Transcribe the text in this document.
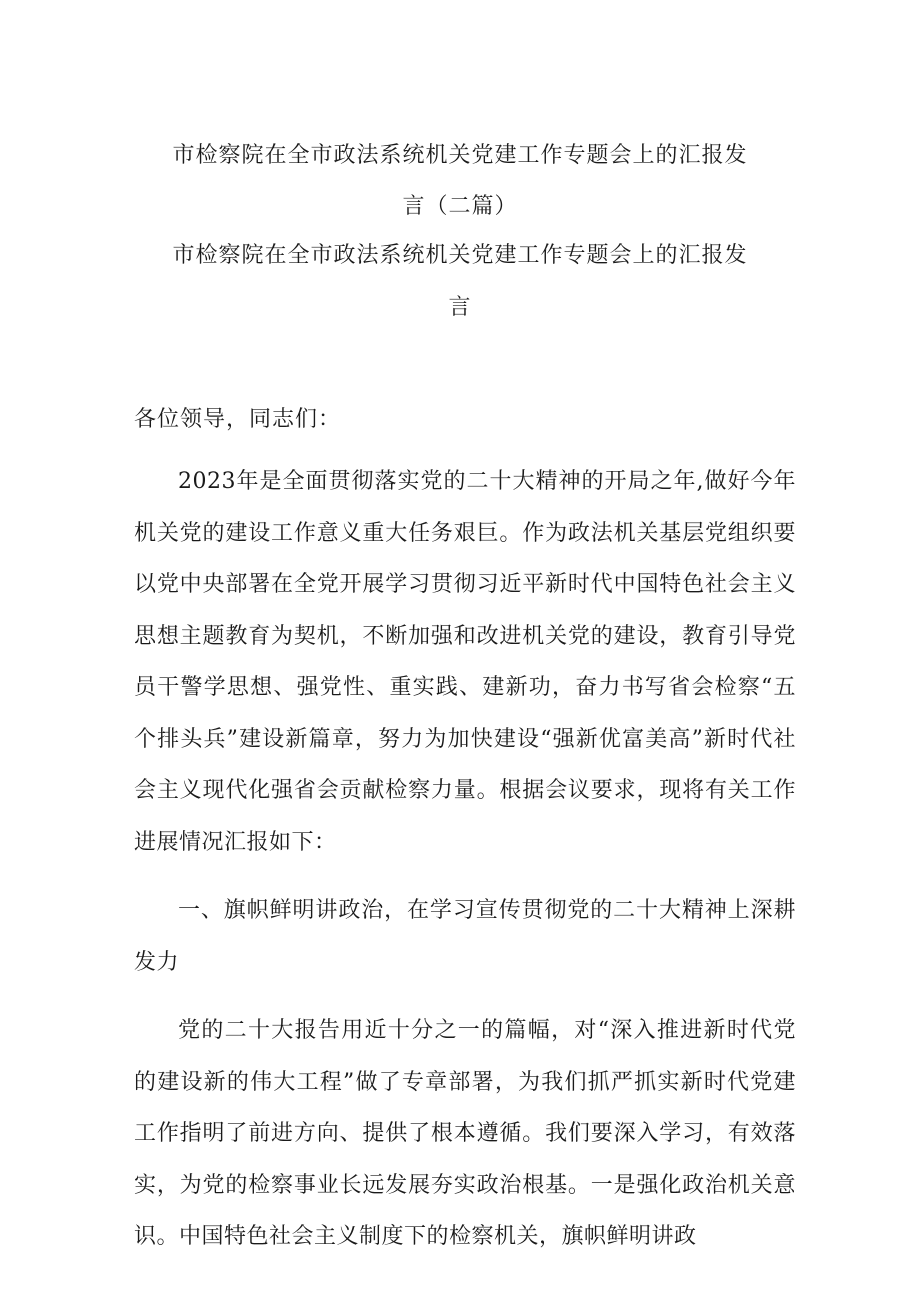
市检察院在全市政法系统机关党建工作专题会上的汇报发
言（二篇）
市检察院在全市政法系统机关党建工作专题会上的汇报发
言
各位领导，同志们：

2023年是全面贯彻落实党的二十大精神的开局之年,做好今年机关党的建设工作意义重大任务艰巨。作为政法机关基层党组织要以党中央部署在全党开展学习贯彻习近平新时代中国特色社会主义思想主题教育为契机，不断加强和改进机关党的建设，教育引导党员干警学思想、强党性、重实践、建新功，奋力书写省会检察“五个排头兵”建设新篇章，努力为加快建设“强新优富美高”新时代社会主义现代化强省会贡献检察力量。根据会议要求，现将有关工作进展情况汇报如下：

一、旗帜鲜明讲政治，在学习宣传贯彻党的二十大精神上深耕发力

党的二十大报告用近十分之一的篇幅，对“深入推进新时代党的建设新的伟大工程”做了专章部署，为我们抓严抓实新时代党建工作指明了前进方向、提供了根本遵循。我们要深入学习，有效落实，为党的检察事业长远发展夯实政治根基。一是强化政治机关意识。中国特色社会主义制度下的检察机关，旗帜鲜明讲政
